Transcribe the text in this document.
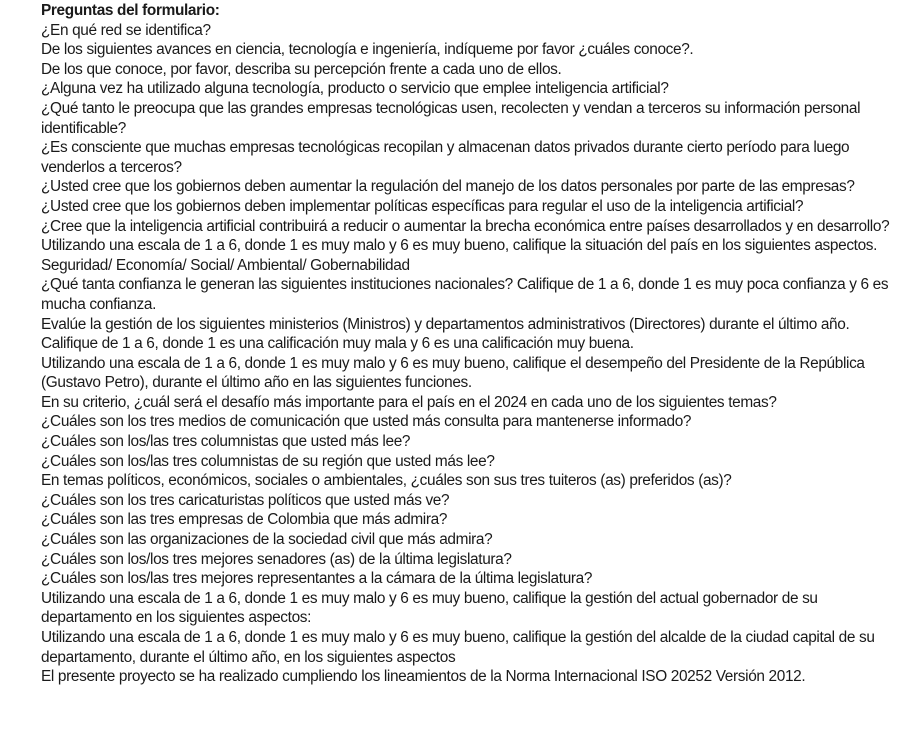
Preguntas del formulario:

¿En qué red se identifica?

De los siguientes avances en ciencia, tecnología e ingeniería, indíqueme por favor ¿cuáles conoce?.

De los que conoce, por favor, describa su percepción frente a cada uno de ellos.

¿Alguna vez ha utilizado alguna tecnología, producto o servicio que emplee inteligencia artificial?

¿Qué tanto le preocupa que las grandes empresas tecnológicas usen, recolecten y vendan a terceros su información personal identificable?

¿Es consciente que muchas empresas tecnológicas recopilan y almacenan datos privados durante cierto período para luego venderlos a terceros?

¿Usted cree que los gobiernos deben aumentar la regulación del manejo de los datos personales por parte de las empresas?

¿Usted cree que los gobiernos deben implementar políticas específicas para regular el uso de la inteligencia artificial?

¿Cree que la inteligencia artificial contribuirá a reducir o aumentar la brecha económica entre países desarrollados y en desarrollo?

Utilizando una escala de 1 a 6, donde 1 es muy malo y 6 es muy bueno, califique la situación del país en los siguientes aspectos. Seguridad/ Economía/ Social/ Ambiental/ Gobernabilidad

¿Qué tanta confianza le generan las siguientes instituciones nacionales? Califique de 1 a 6, donde 1 es muy poca confianza y 6 es mucha confianza.

Evalúe la gestión de los siguientes ministerios (Ministros) y departamentos administrativos (Directores) durante el último año. Califique de 1 a 6, donde 1 es una calificación muy mala y 6 es una calificación muy buena.

Utilizando una escala de 1 a 6, donde 1 es muy malo y 6 es muy bueno, califique el desempeño del Presidente de la República (Gustavo Petro), durante el último año en las siguientes funciones.

En su criterio, ¿cuál será el desafío más importante para el país en el 2024 en cada uno de los siguientes temas?

¿Cuáles son los tres medios de comunicación que usted más consulta para mantenerse informado?

¿Cuáles son los/las tres columnistas que usted más lee?

¿Cuáles son los/las tres columnistas de su región que usted más lee?

En temas políticos, económicos, sociales o ambientales, ¿cuáles son sus tres tuiteros (as) preferidos (as)?

¿Cuáles son los tres caricaturistas políticos que usted más ve?

¿Cuáles son las tres empresas de Colombia que más admira?

¿Cuáles son las organizaciones de la sociedad civil que más admira?

¿Cuáles son los/los tres mejores senadores (as) de la última legislatura?

¿Cuáles son los/las tres mejores representantes a la cámara de la última legislatura?

Utilizando una escala de 1 a 6, donde 1 es muy malo y 6 es muy bueno, califique la gestión del actual gobernador de su departamento en los siguientes aspectos:

Utilizando una escala de 1 a 6, donde 1 es muy malo y 6 es muy bueno, califique la gestión del alcalde de la ciudad capital de su departamento, durante el último año, en los siguientes aspectos

El presente proyecto se ha realizado cumpliendo los lineamientos de la Norma Internacional ISO 20252 Versión 2012.
